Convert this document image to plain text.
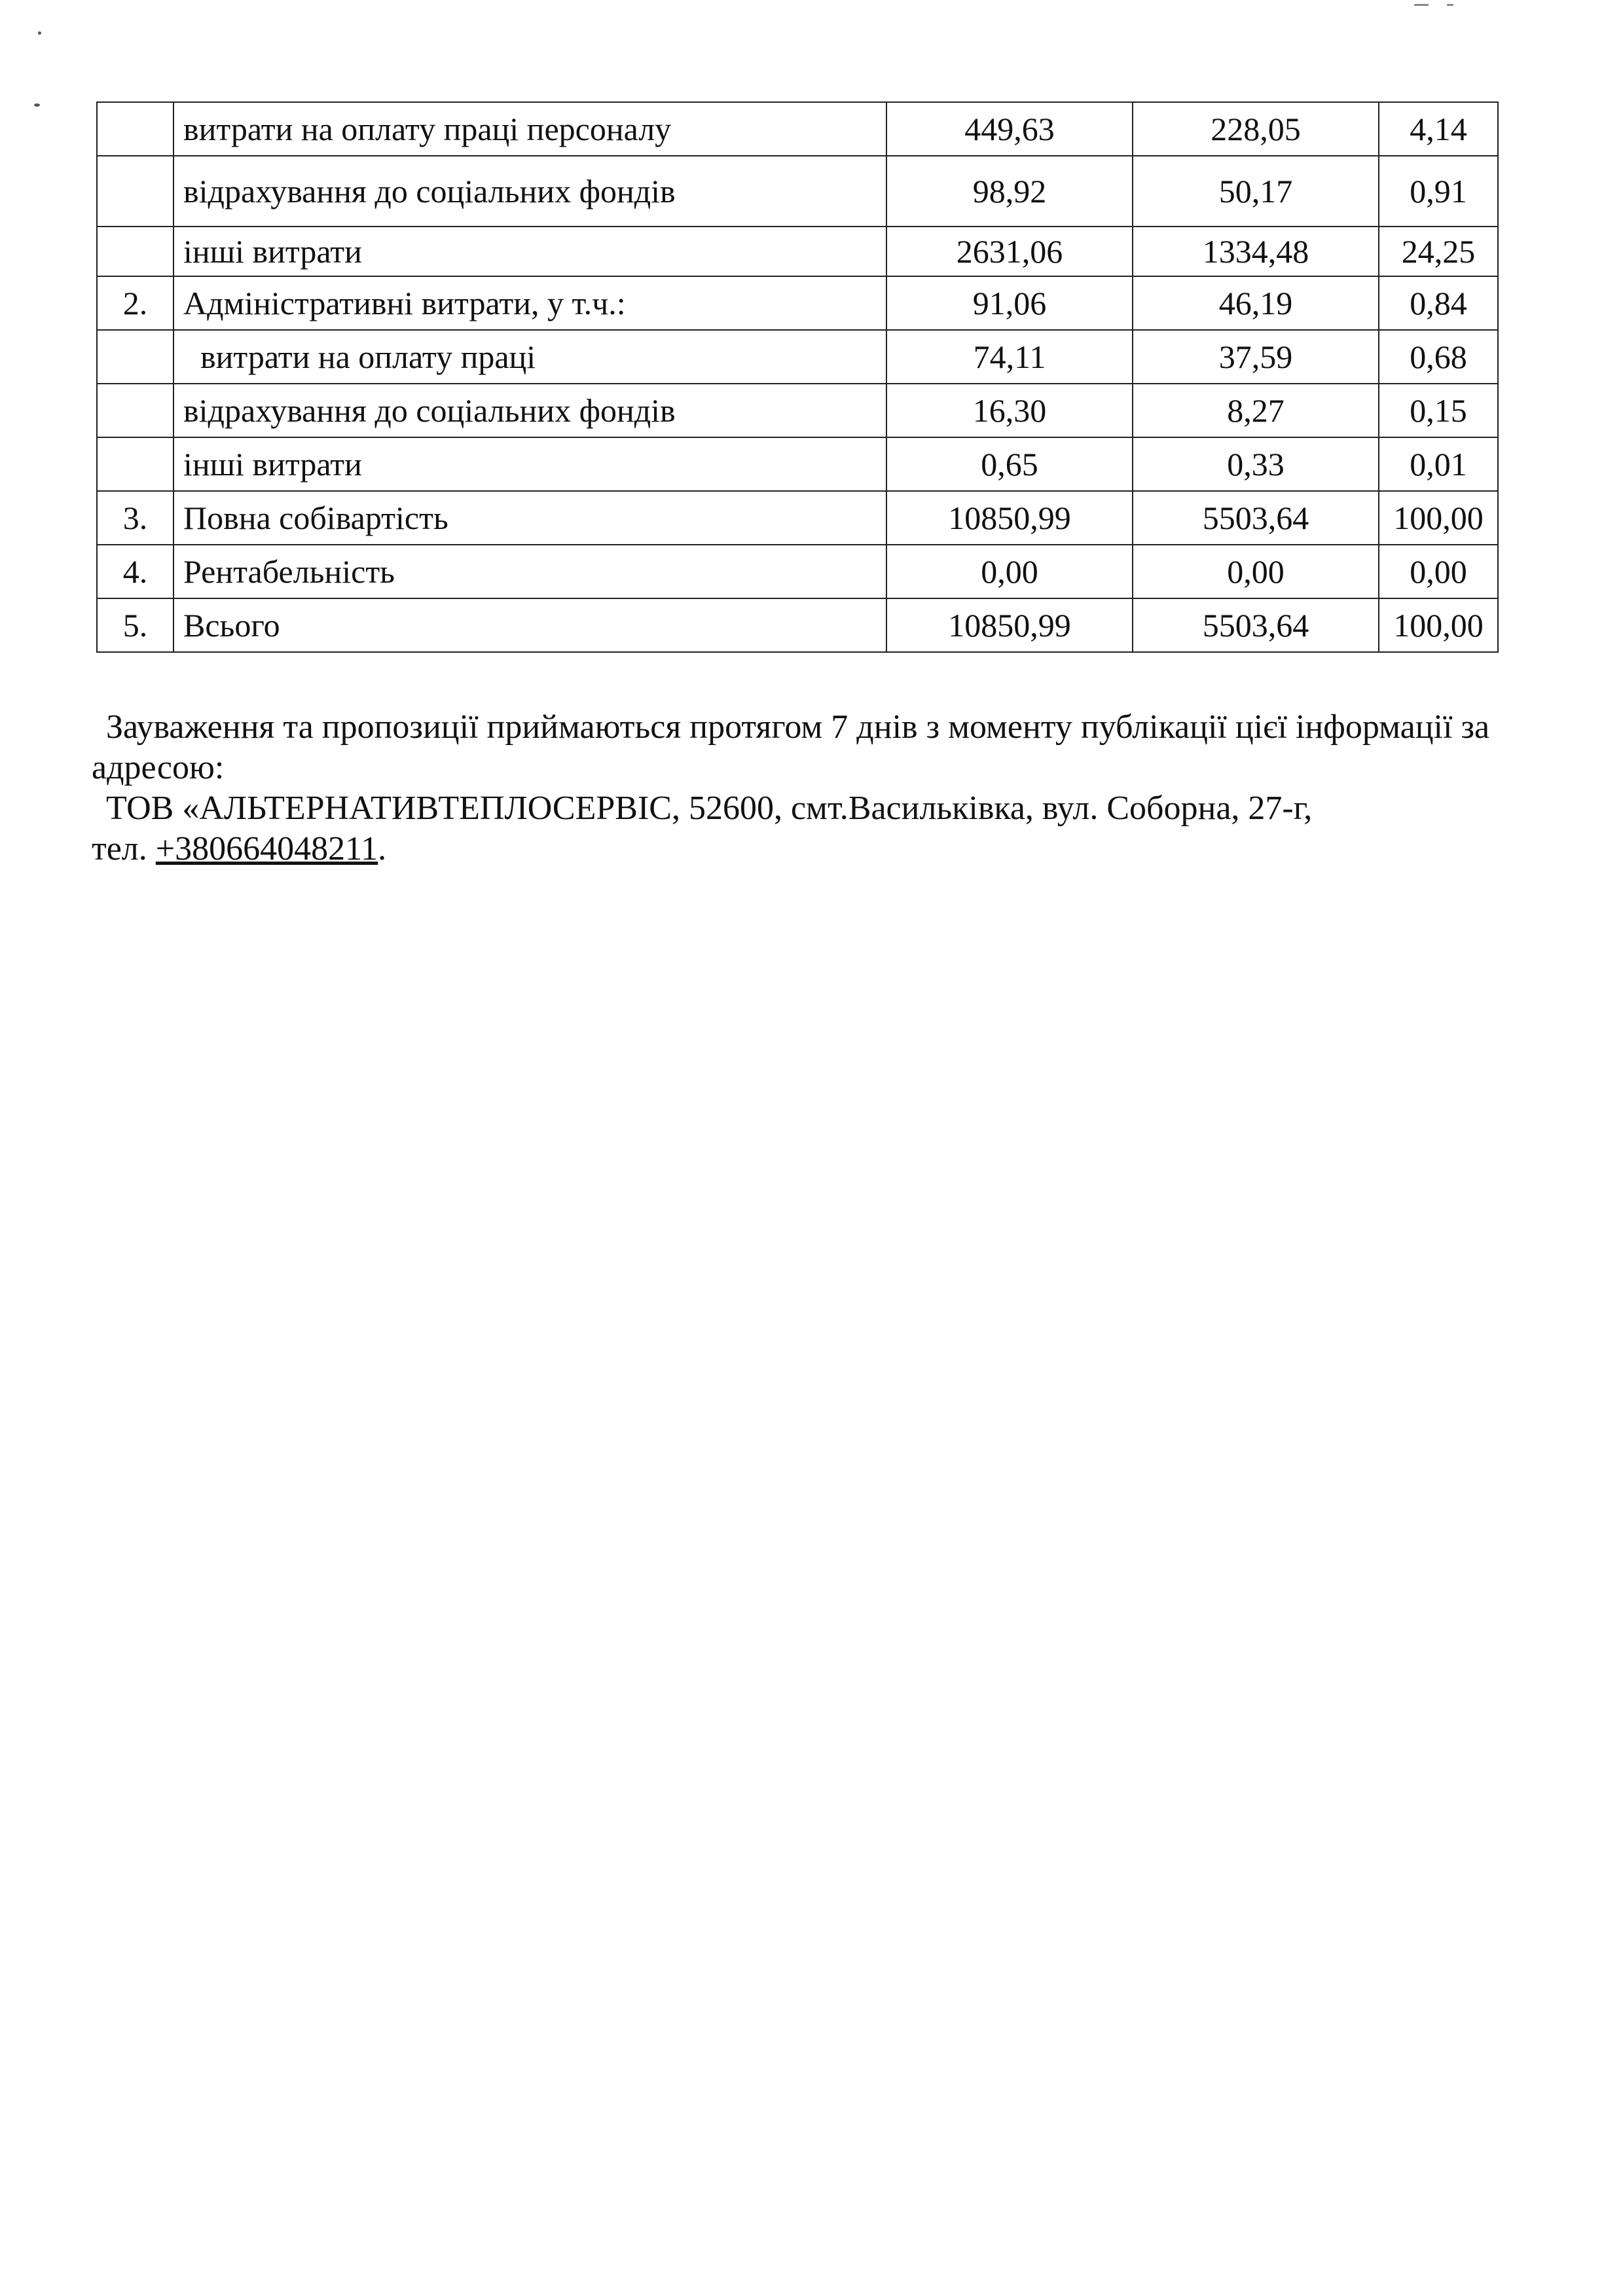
	витрати на оплату праці персоналу	449,63	228,05	4,14
	відрахування до соціальних фондів	98,92	50,17	0,91
	інші витрати	2631,06	1334,48	24,25
2.	Адміністративні витрати, у т.ч.:	91,06	46,19	0,84
	витрати на оплату праці	74,11	37,59	0,68
	відрахування до соціальних фондів	16,30	8,27	0,15
	інші витрати	0,65	0,33	0,01
3.	Повна собівартість	10850,99	5503,64	100,00
4.	Рентабельність	0,00	0,00	0,00
5.	Всього	10850,99	5503,64	100,00

Зауваження та пропозиції приймаються протягом 7 днів з моменту публікації цієї інформації за адресою:

ТОВ «АЛЬТЕРНАТИВТЕПЛОСЕРВІС, 52600, смт.Васильківка, вул. Соборна, 27-г,

тел. +380664048211.
